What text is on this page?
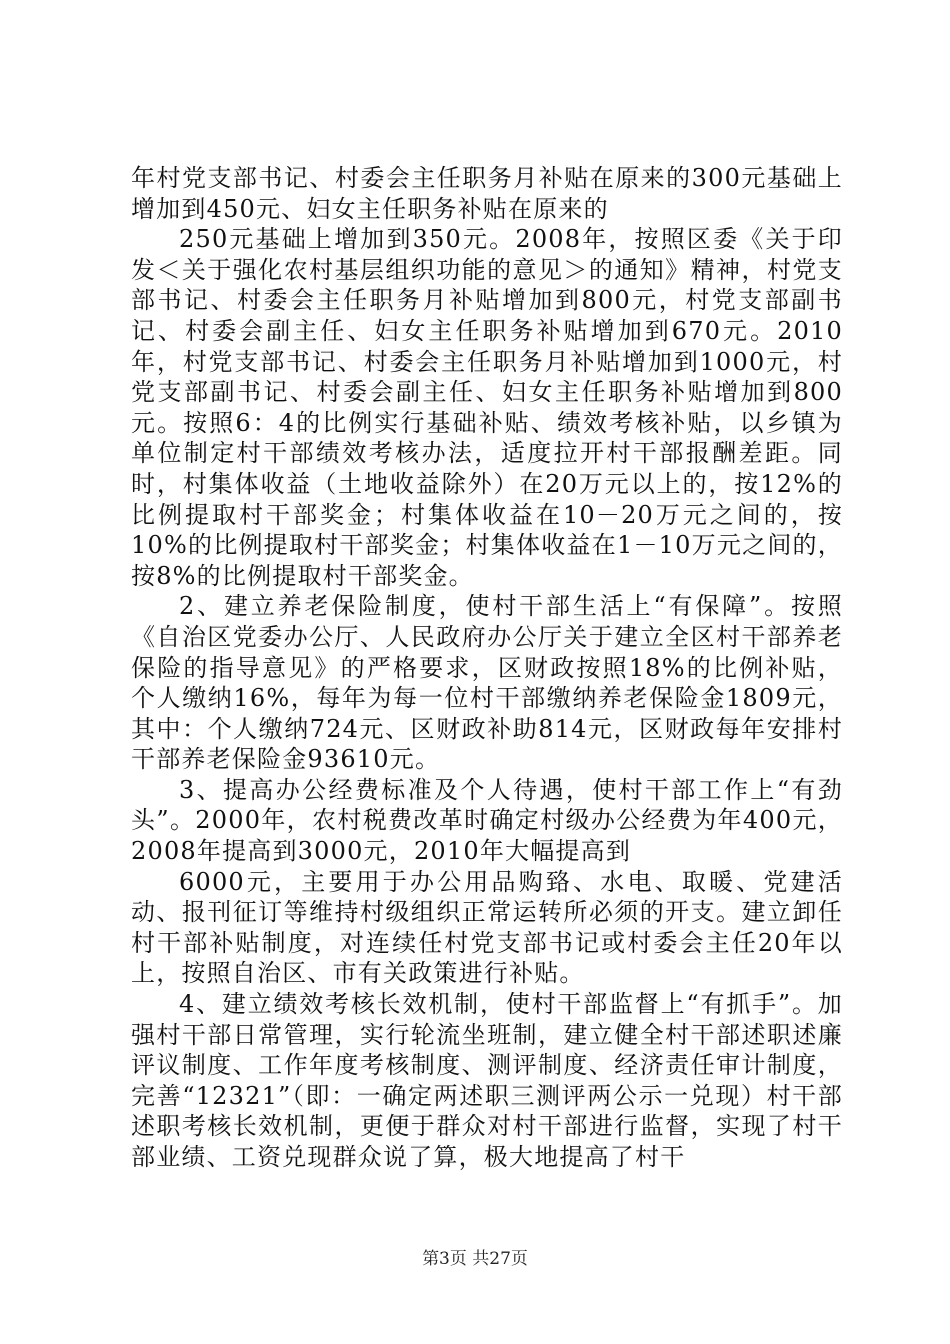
年村党支部书记、村委会主任职务月补贴在原来的300元基础上增加到450元、妇女主任职务补贴在原来的

250元基础上增加到350元。2008年，按照区委《关于印发＜关于强化农村基层组织功能的意见＞的通知》精神，村党支部书记、村委会主任职务月补贴增加到800元，村党支部副书记、村委会副主任、妇女主任职务补贴增加到670元。2010年，村党支部书记、村委会主任职务月补贴增加到1000元，村党支部副书记、村委会副主任、妇女主任职务补贴增加到800元。按照6：4的比例实行基础补贴、绩效考核补贴，以乡镇为单位制定村干部绩效考核办法，适度拉开村干部报酬差距。同时，村集体收益（土地收益除外）在20万元以上的，按12%的比例提取村干部奖金；村集体收益在10－20万元之间的，按10%的比例提取村干部奖金；村集体收益在1－10万元之间的，按8%的比例提取村干部奖金。

2、建立养老保险制度，使村干部生活上“有保障”。按照《自治区党委办公厅、人民政府办公厅关于建立全区村干部养老保险的指导意见》的严格要求，区财政按照18%的比例补贴，个人缴纳16%，每年为每一位村干部缴纳养老保险金1809元，其中：个人缴纳724元、区财政补助814元，区财政每年安排村干部养老保险金93610元。

3、提高办公经费标准及个人待遇，使村干部工作上“有劲头”。2000年，农村税费改革时确定村级办公经费为年400元，2008年提高到3000元，2010年大幅提高到

6000元，主要用于办公用品购臵、水电、取暖、党建活动、报刊征订等维持村级组织正常运转所必须的开支。建立卸任村干部补贴制度，对连续任村党支部书记或村委会主任20年以上，按照自治区、市有关政策进行补贴。

4、建立绩效考核长效机制，使村干部监督上“有抓手”。加强村干部日常管理，实行轮流坐班制，建立健全村干部述职述廉评议制度、工作年度考核制度、测评制度、经济责任审计制度，完善“12321”（即：一确定两述职三测评两公示一兑现）村干部述职考核长效机制，更便于群众对村干部进行监督，实现了村干部业绩、工资兑现群众说了算，极大地提高了村干

第3页 共27页
